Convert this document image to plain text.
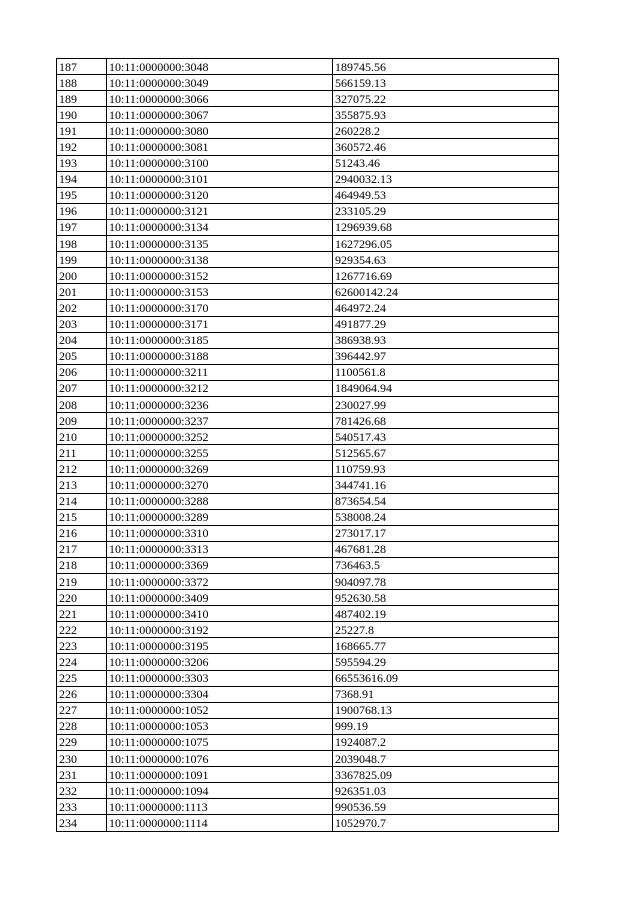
187	10:11:0000000:3048	189745.56
188	10:11:0000000:3049	566159.13
189	10:11:0000000:3066	327075.22
190	10:11:0000000:3067	355875.93
191	10:11:0000000:3080	260228.2
192	10:11:0000000:3081	360572.46
193	10:11:0000000:3100	51243.46
194	10:11:0000000:3101	2940032.13
195	10:11:0000000:3120	464949.53
196	10:11:0000000:3121	233105.29
197	10:11:0000000:3134	1296939.68
198	10:11:0000000:3135	1627296.05
199	10:11:0000000:3138	929354.63
200	10:11:0000000:3152	1267716.69
201	10:11:0000000:3153	62600142.24
202	10:11:0000000:3170	464972.24
203	10:11:0000000:3171	491877.29
204	10:11:0000000:3185	386938.93
205	10:11:0000000:3188	396442.97
206	10:11:0000000:3211	1100561.8
207	10:11:0000000:3212	1849064.94
208	10:11:0000000:3236	230027.99
209	10:11:0000000:3237	781426.68
210	10:11:0000000:3252	540517.43
211	10:11:0000000:3255	512565.67
212	10:11:0000000:3269	110759.93
213	10:11:0000000:3270	344741.16
214	10:11:0000000:3288	873654.54
215	10:11:0000000:3289	538008.24
216	10:11:0000000:3310	273017.17
217	10:11:0000000:3313	467681.28
218	10:11:0000000:3369	736463.5
219	10:11:0000000:3372	904097.78
220	10:11:0000000:3409	952630.58
221	10:11:0000000:3410	487402.19
222	10:11:0000000:3192	25227.8
223	10:11:0000000:3195	168665.77
224	10:11:0000000:3206	595594.29
225	10:11:0000000:3303	66553616.09
226	10:11:0000000:3304	7368.91
227	10:11:0000000:1052	1900768.13
228	10:11:0000000:1053	999.19
229	10:11:0000000:1075	1924087.2
230	10:11:0000000:1076	2039048.7
231	10:11:0000000:1091	3367825.09
232	10:11:0000000:1094	926351.03
233	10:11:0000000:1113	990536.59
234	10:11:0000000:1114	1052970.7
